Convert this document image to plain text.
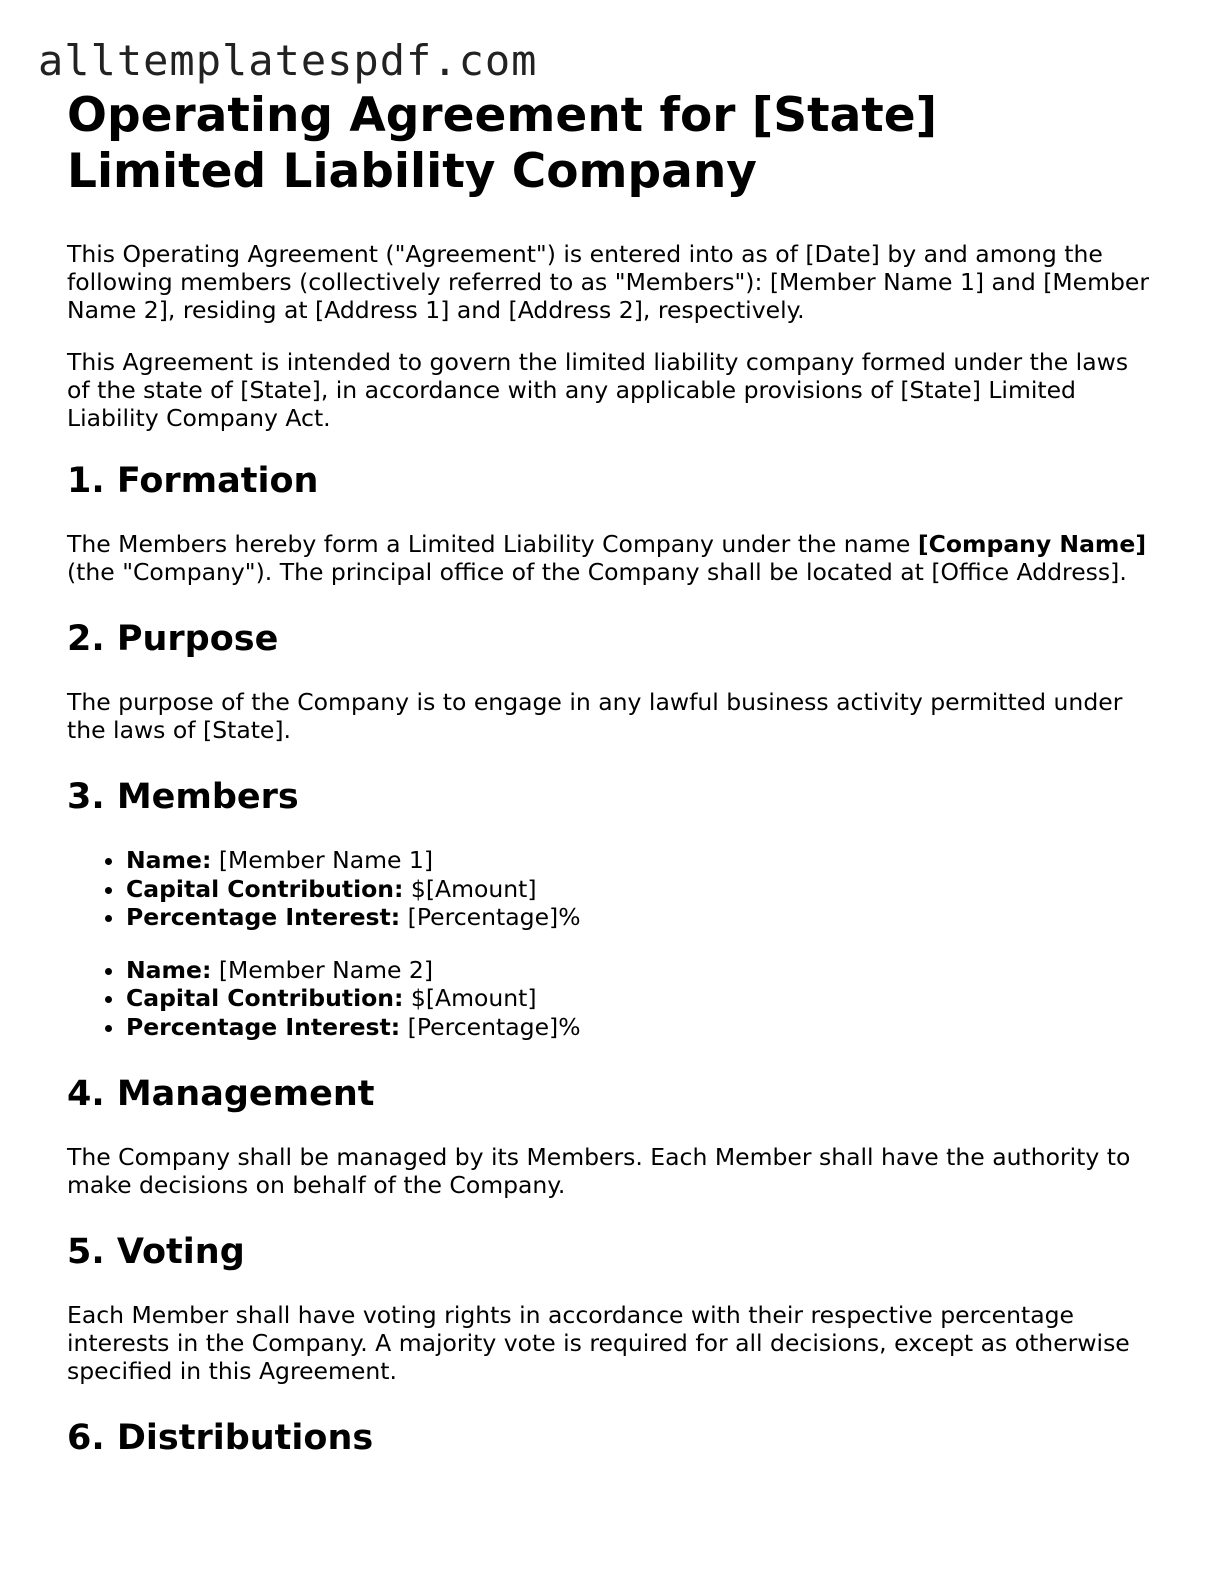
alltemplatespdf.com
Operating Agreement for [State] Limited Liability Company

This Operating Agreement ("Agreement") is entered into as of [Date] by and among the following members (collectively referred to as "Members"): [Member Name 1] and [Member Name 2], residing at [Address 1] and [Address 2], respectively.

This Agreement is intended to govern the limited liability company formed under the laws of the state of [State], in accordance with any applicable provisions of [State] Limited Liability Company Act.

1. Formation

The Members hereby form a Limited Liability Company under the name [Company Name] (the "Company"). The principal office of the Company shall be located at [Office Address].

2. Purpose

The purpose of the Company is to engage in any lawful business activity permitted under the laws of [State].

3. Members
• Name: [Member Name 1]
• Capital Contribution: $[Amount]
• Percentage Interest: [Percentage]%
• Name: [Member Name 2]
• Capital Contribution: $[Amount]
• Percentage Interest: [Percentage]%
4. Management

The Company shall be managed by its Members. Each Member shall have the authority to make decisions on behalf of the Company.

5. Voting

Each Member shall have voting rights in accordance with their respective percentage interests in the Company. A majority vote is required for all decisions, except as otherwise specified in this Agreement.

6. Distributions
